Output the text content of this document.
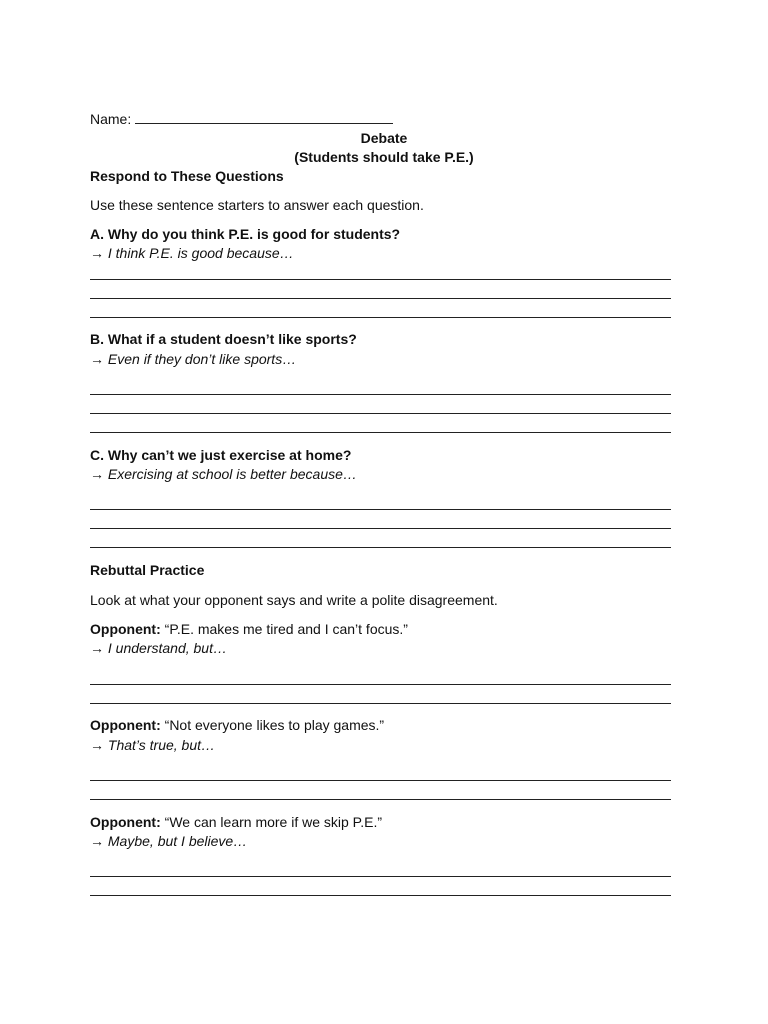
Name:
Debate
(Students should take P.E.)
Respond to These Questions
Use these sentence starters to answer each question.
A. Why do you think P.E. is good for students?
→ I think P.E. is good because…
B. What if a student doesn’t like sports?
→ Even if they don’t like sports…
C. Why can’t we just exercise at home?
→ Exercising at school is better because…
Rebuttal Practice
Look at what your opponent says and write a polite disagreement.
Opponent: “P.E. makes me tired and I can’t focus.”
→ I understand, but…
Opponent: “Not everyone likes to play games.”
→ That’s true, but…
Opponent: “We can learn more if we skip P.E.”
→ Maybe, but I believe…
